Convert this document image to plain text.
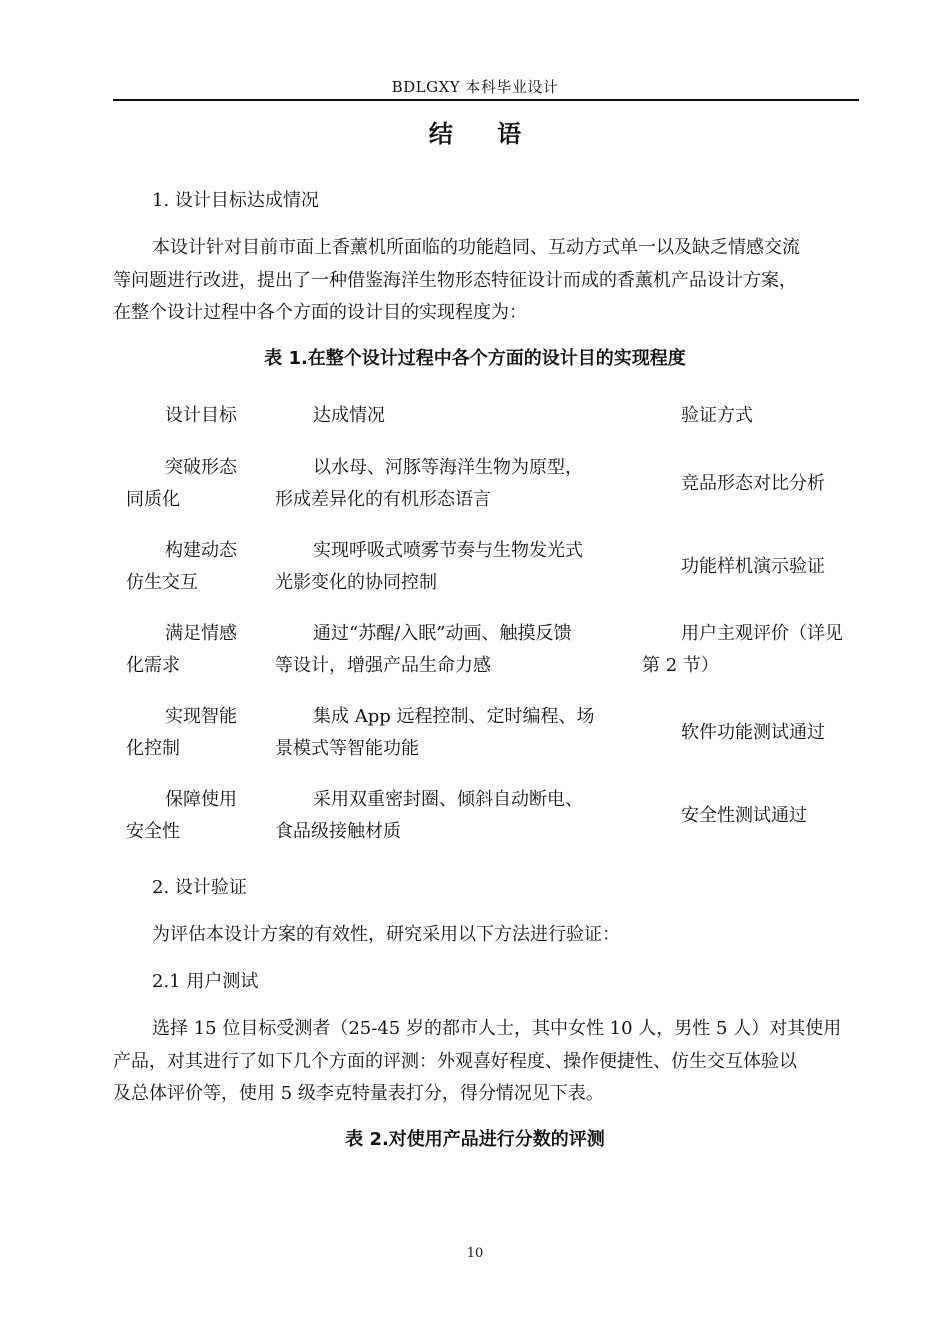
BDLGXY 本科毕业设计
结 语
1. 设计目标达成情况
本设计针对目前市面上香薰机所面临的功能趋同、互动方式单一以及缺乏情感交流
等问题进行改进，提出了一种借鉴海洋生物形态特征设计而成的香薰机产品设计方案，
在整个设计过程中各个方面的设计目的实现程度为：
表 1.在整个设计过程中各个方面的设计目的实现程度
设计目标	达成情况	验证方式
突破形态
同质化
以水母、河豚等海洋生物为原型，
形成差异化的有机形态语言
竞品形态对比分析
构建动态
仿生交互
实现呼吸式喷雾节奏与生物发光式
光影变化的协同控制
功能样机演示验证
满足情感
化需求
通过“苏醒/入眠”动画、触摸反馈
等设计，增强产品生命力感
用户主观评价（详见
第 2 节）
实现智能
化控制
集成 App 远程控制、定时编程、场
景模式等智能功能
软件功能测试通过
保障使用
安全性
采用双重密封圈、倾斜自动断电、
食品级接触材质
安全性测试通过
2. 设计验证
为评估本设计方案的有效性，研究采用以下方法进行验证：
2.1 用户测试
选择 15 位目标受测者（25-45 岁的都市人士，其中女性 10 人，男性 5 人）对其使用
产品，对其进行了如下几个方面的评测：外观喜好程度、操作便捷性、仿生交互体验以
及总体评价等，使用 5 级李克特量表打分，得分情况见下表。
表 2.对使用产品进行分数的评测
10
